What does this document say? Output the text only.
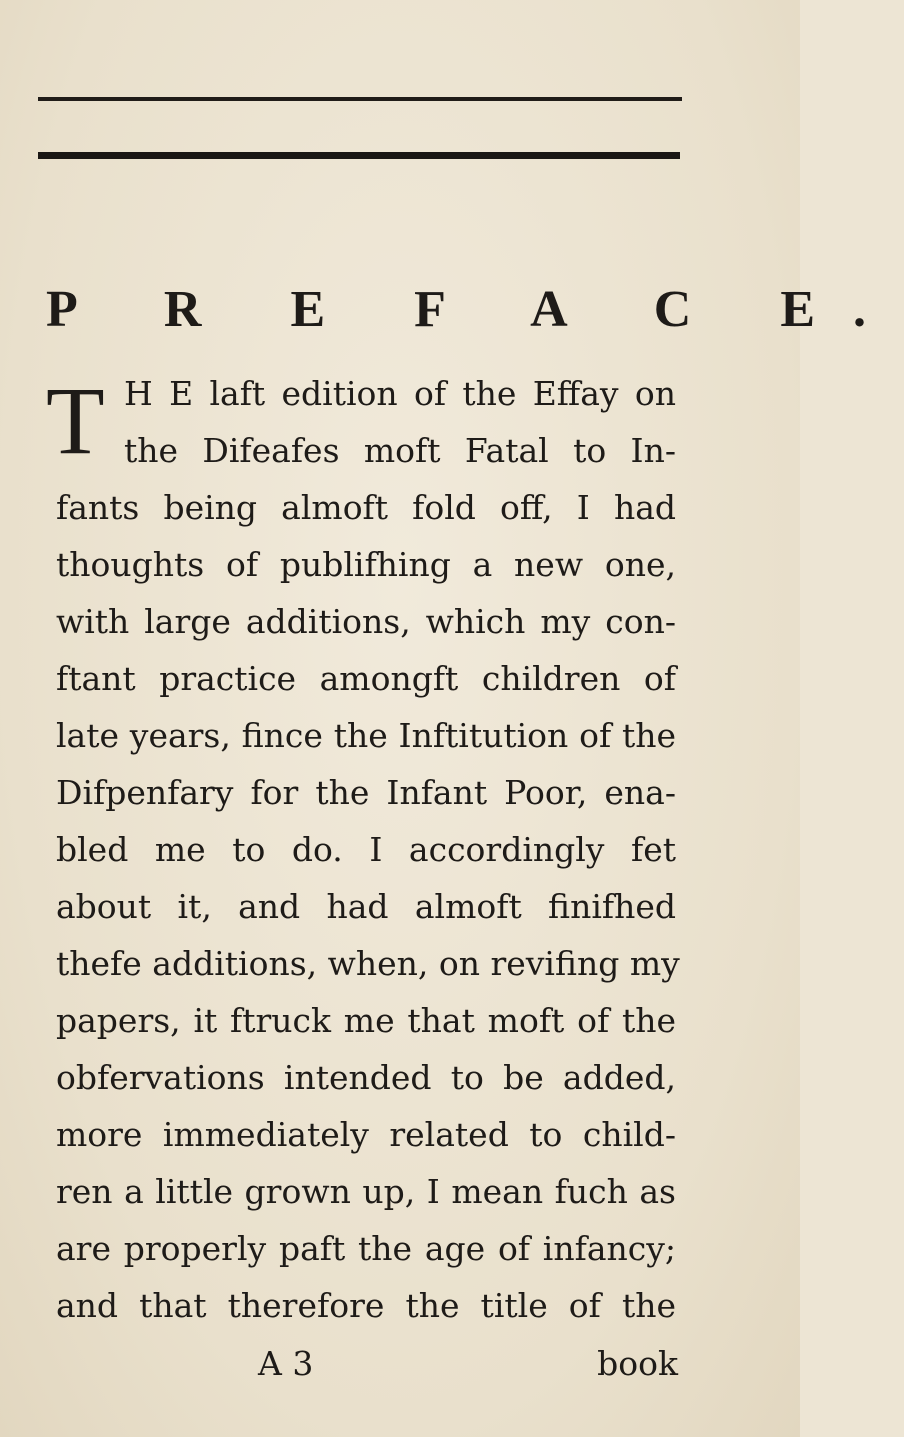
P R E F A C E.
T H E laft edition of the Effay on
the Difeafes moft Fatal to In-
fants being almoft fold off, I had
thoughts of publifhing a new one,
with large additions, which my con-
ftant practice amongft children of
late years, fince the Inftitution of the
Difpenfary for the Infant Poor, ena-
bled me to do. I accordingly fet
about it, and had almoft finifhed
thefe additions, when, on revifing my
papers, it ftruck me that moft of the
obfervations intended to be added,
more immediately related to child-
ren a little grown up, I mean fuch as
are properly paft the age of infancy;
and that therefore the title of the
A 3	book
